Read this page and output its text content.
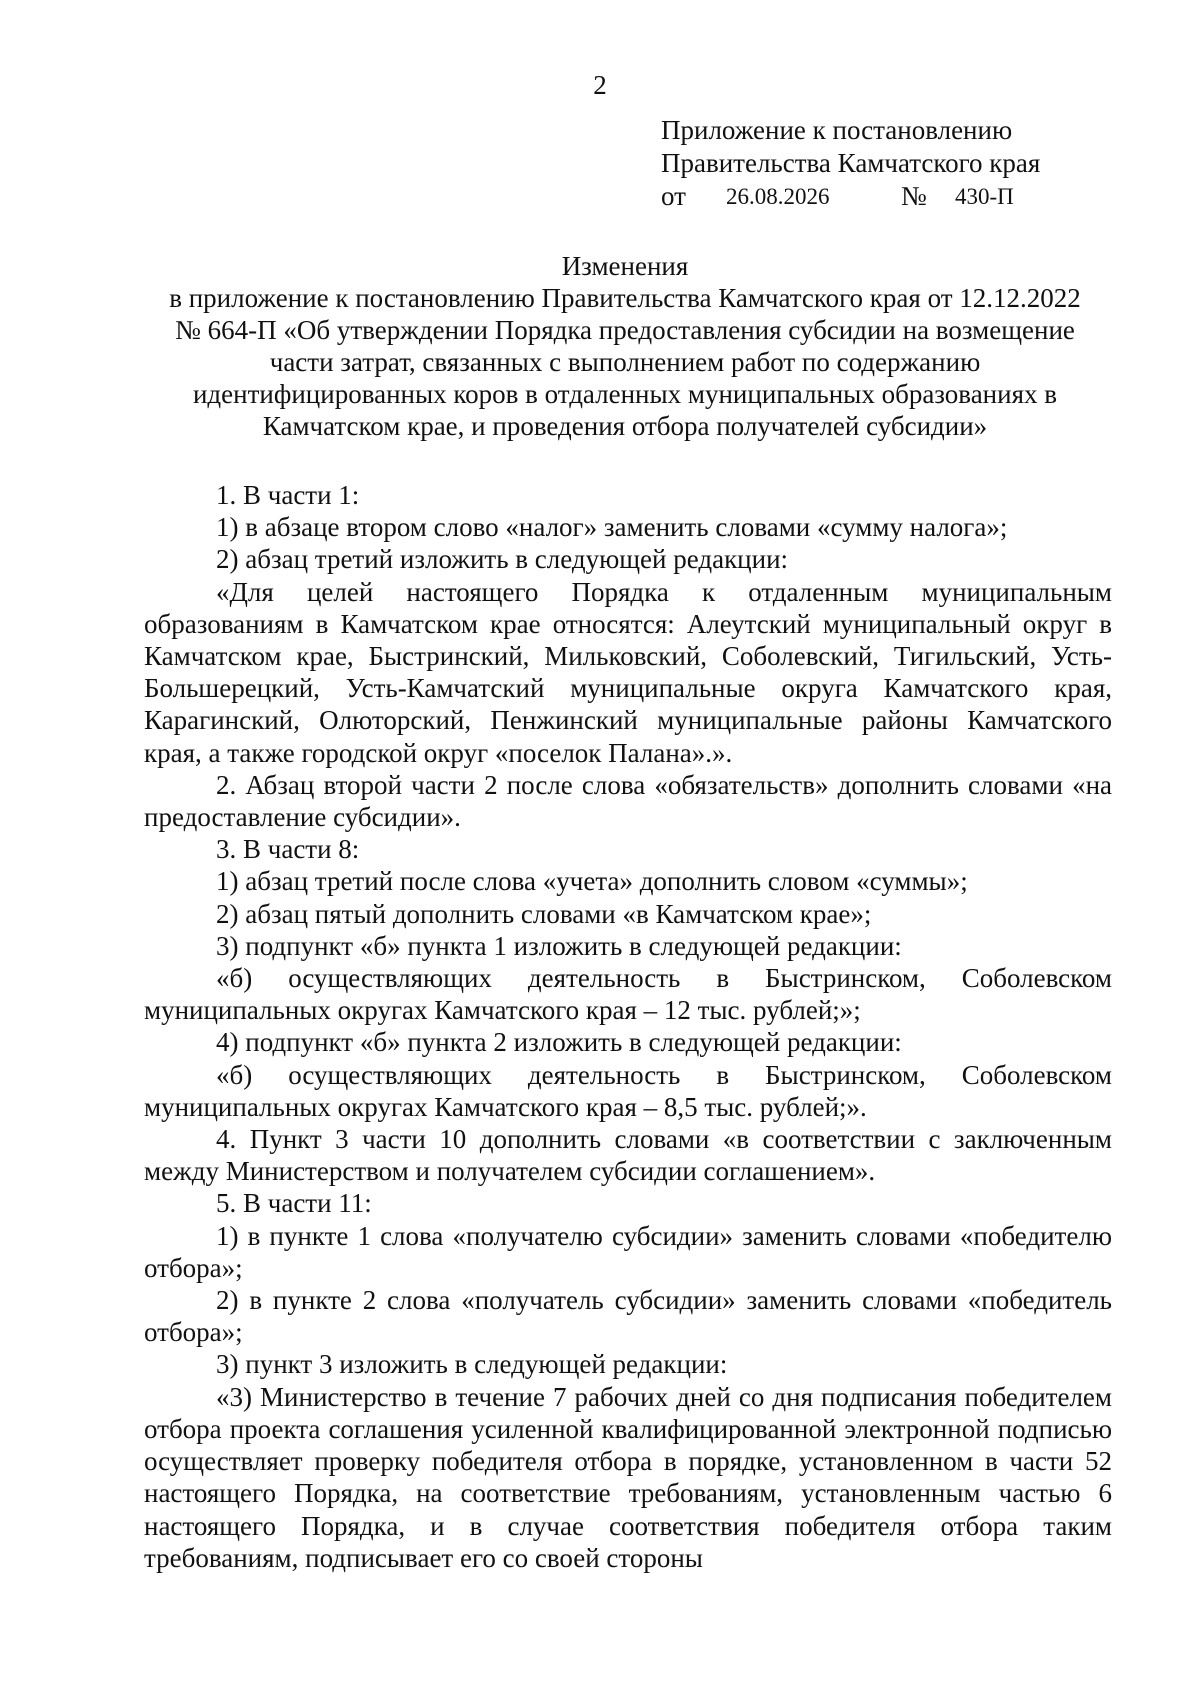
2
Приложение к постановлению
Правительства Камчатского края
от 26.08.2026	№ 430-П
Изменения
в приложение к постановлению Правительства Камчатского края от 12.12.2022
№ 664-П «Об утверждении Порядка предоставления субсидии на возмещение
части затрат, связанных с выполнением работ по содержанию
идентифицированных коров в отдаленных муниципальных образованиях в
Камчатском крае, и проведения отбора получателей субсидии»

1. В части 1:

1) в абзаце втором слово «налог» заменить словами «сумму налога»;

2) абзац третий изложить в следующей редакции:

«Для целей настоящего Порядка к отдаленным муниципальным образованиям в Камчатском крае относятся: Алеутский муниципальный округ в Камчатском крае, Быстринский, Мильковский, Соболевский, Тигильский, Усть-Большерецкий, Усть-Камчатский муниципальные округа Камчатского края, Карагинский, Олюторский, Пенжинский муниципальные районы Камчатского края, а также городской округ «поселок Палана».».

2. Абзац второй части 2 после слова «обязательств» дополнить словами «на предоставление субсидии».

3. В части 8:

1) абзац третий после слова «учета» дополнить словом «суммы»;

2) абзац пятый дополнить словами «в Камчатском крае»;

3) подпункт «б» пункта 1 изложить в следующей редакции:

«б) осуществляющих деятельность в Быстринском, Соболевском муниципальных округах Камчатского края – 12 тыс. рублей;»;

4) подпункт «б» пункта 2 изложить в следующей редакции:

«б) осуществляющих деятельность в Быстринском, Соболевском муниципальных округах Камчатского края – 8,5 тыс. рублей;».

4. Пункт 3 части 10 дополнить словами «в соответствии с заключенным между Министерством и получателем субсидии соглашением».

5. В части 11:

1) в пункте 1 слова «получателю субсидии» заменить словами «победителю отбора»;

2) в пункте 2 слова «получатель субсидии» заменить словами «победитель отбора»;

3) пункт 3 изложить в следующей редакции:

«3) Министерство в течение 7 рабочих дней со дня подписания победителем отбора проекта соглашения усиленной квалифицированной электронной подписью осуществляет проверку победителя отбора в порядке, установленном в части 52 настоящего Порядка, на соответствие требованиям, установленным частью 6 настоящего Порядка, и в случае соответствия победителя отбора таким требованиям, подписывает его со своей стороны
